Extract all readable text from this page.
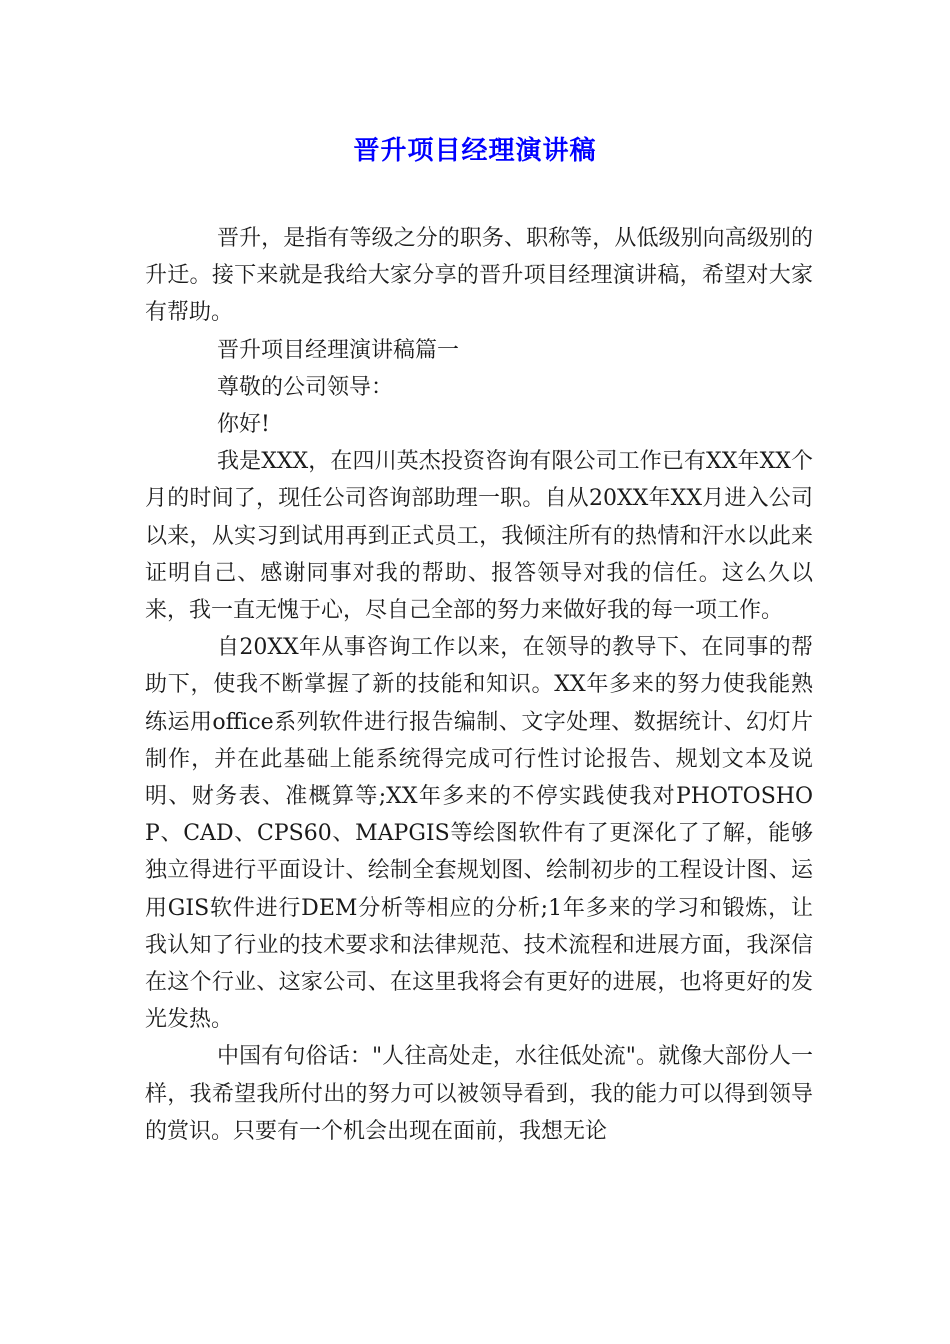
晋升项目经理演讲稿

晋升，是指有等级之分的职务、职称等，从低级别向高级别的升迁。接下来就是我给大家分享的晋升项目经理演讲稿，希望对大家有帮助。

晋升项目经理演讲稿篇一

尊敬的公司领导：

你好!

我是XXX，在四川英杰投资咨询有限公司工作已有XX年XX个月的时间了，现任公司咨询部助理一职。自从20XX年XX月进入公司以来，从实习到试用再到正式员工，我倾注所有的热情和汗水以此来证明自己、感谢同事对我的帮助、报答领导对我的信任。这么久以来，我一直无愧于心，尽自己全部的努力来做好我的每一项工作。

自20XX年从事咨询工作以来，在领导的教导下、在同事的帮助下，使我不断掌握了新的技能和知识。XX年多来的努力使我能熟练运用office系列软件进行报告编制、文字处理、数据统计、幻灯片制作，并在此基础上能系统得完成可行性讨论报告、规划文本及说明、财务表、准概算等;XX年多来的不停实践使我对PHOTOSHOP、CAD、CPS60、MAPGIS等绘图软件有了更深化了了解，能够独立得进行平面设计、绘制全套规划图、绘制初步的工程设计图、运用GIS软件进行DEM分析等相应的分析;1年多来的学习和锻炼，让我认知了行业的技术要求和法律规范、技术流程和进展方面，我深信在这个行业、这家公司、在这里我将会有更好的进展，也将更好的发光发热。

中国有句俗话："人往高处走，水往低处流"。就像大部份人一样，我希望我所付出的努力可以被领导看到，我的能力可以得到领导的赏识。只要有一个机会出现在面前，我想无论
